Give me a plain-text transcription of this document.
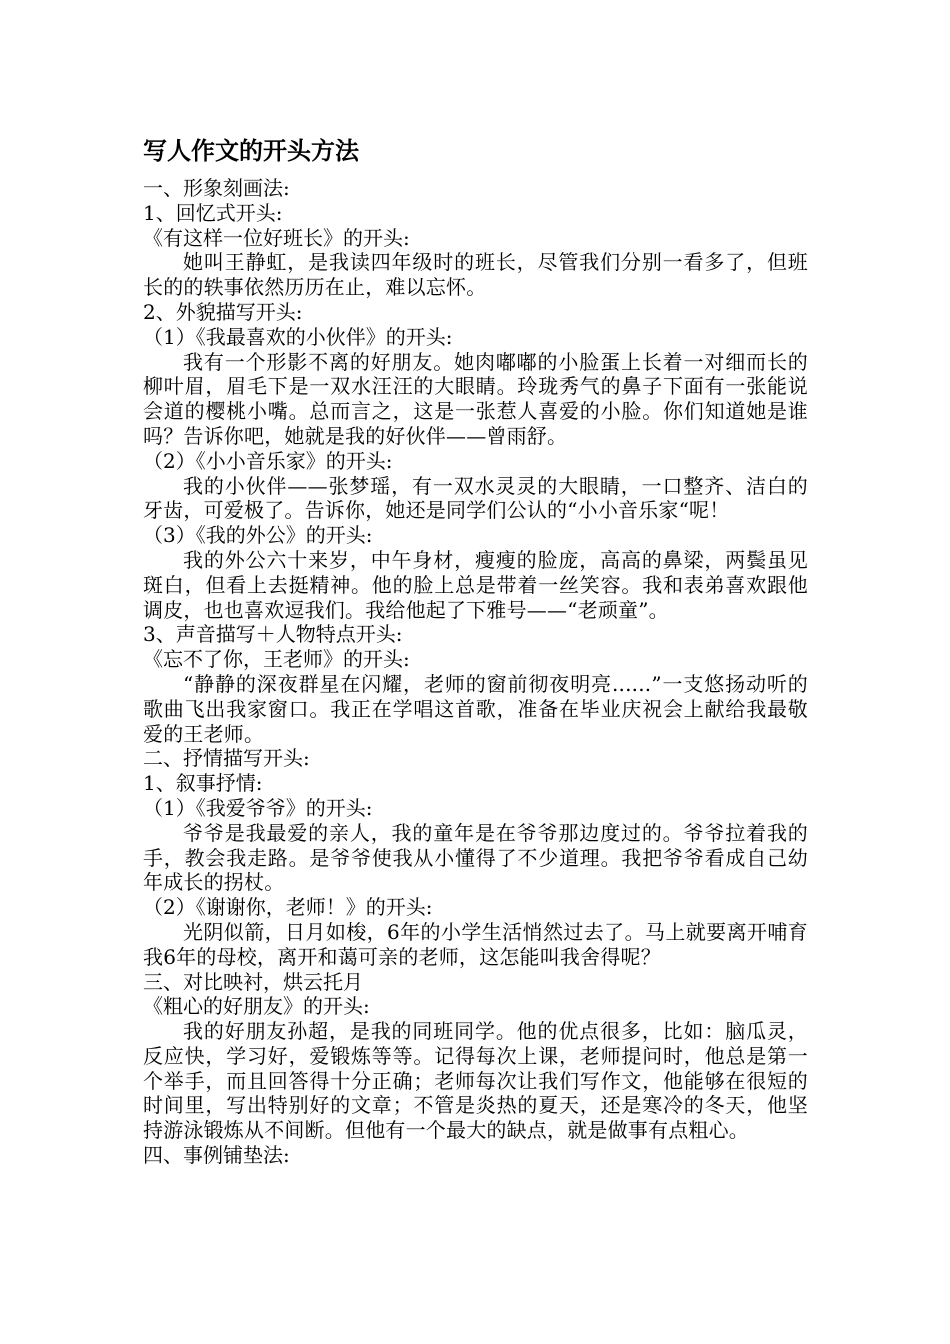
写人作文的开头方法

一、形象刻画法:

1、回忆式开头:

《有这样一位好班长》的开头:

她叫王静虹，是我读四年级时的班长，尽管我们分别一看多了，但班长的的轶事依然历历在止，难以忘怀。

2、外貌描写开头:

（1）《我最喜欢的小伙伴》的开头:

我有一个形影不离的好朋友。她肉嘟嘟的小脸蛋上长着一对细而长的柳叶眉，眉毛下是一双水汪汪的大眼睛。玲珑秀气的鼻子下面有一张能说会道的樱桃小嘴。总而言之，这是一张惹人喜爱的小脸。你们知道她是谁吗？告诉你吧，她就是我的好伙伴——曾雨舒。

（2）《小小音乐家》的开头:

我的小伙伴——张梦瑶，有一双水灵灵的大眼睛，一口整齐、洁白的牙齿，可爱极了。告诉你，她还是同学们公认的“小小音乐家“呢！

（3）《我的外公》的开头:

我的外公六十来岁，中午身材，瘦瘦的脸庞，高高的鼻梁，两鬓虽见斑白，但看上去挺精神。他的脸上总是带着一丝笑容。我和表弟喜欢跟他调皮，也也喜欢逗我们。我给他起了下雅号——“老顽童”。

3、声音描写＋人物特点开头:

《忘不了你，王老师》的开头:

“静静的深夜群星在闪耀，老师的窗前彻夜明亮......”一支悠扬动听的歌曲飞出我家窗口。我正在学唱这首歌，准备在毕业庆祝会上献给我最敬爱的王老师。

二、抒情描写开头:

1、叙事抒情:

（1）《我爱爷爷》的开头:

爷爷是我最爱的亲人，我的童年是在爷爷那边度过的。爷爷拉着我的手，教会我走路。是爷爷使我从小懂得了不少道理。我把爷爷看成自己幼年成长的拐杖。

（2）《谢谢你，老师！》的开头:

光阴似箭，日月如梭，6年的小学生活悄然过去了。马上就要离开哺育我6年的母校，离开和蔼可亲的老师，这怎能叫我舍得呢？

三、对比映衬，烘云托月

《粗心的好朋友》的开头:

我的好朋友孙超，是我的同班同学。他的优点很多，比如：脑瓜灵，反应快，学习好，爱锻炼等等。记得每次上课，老师提问时，他总是第一个举手，而且回答得十分正确；老师每次让我们写作文，他能够在很短的时间里，写出特别好的文章；不管是炎热的夏天，还是寒冷的冬天，他坚持游泳锻炼从不间断。但他有一个最大的缺点，就是做事有点粗心。

四、事例铺垫法:
